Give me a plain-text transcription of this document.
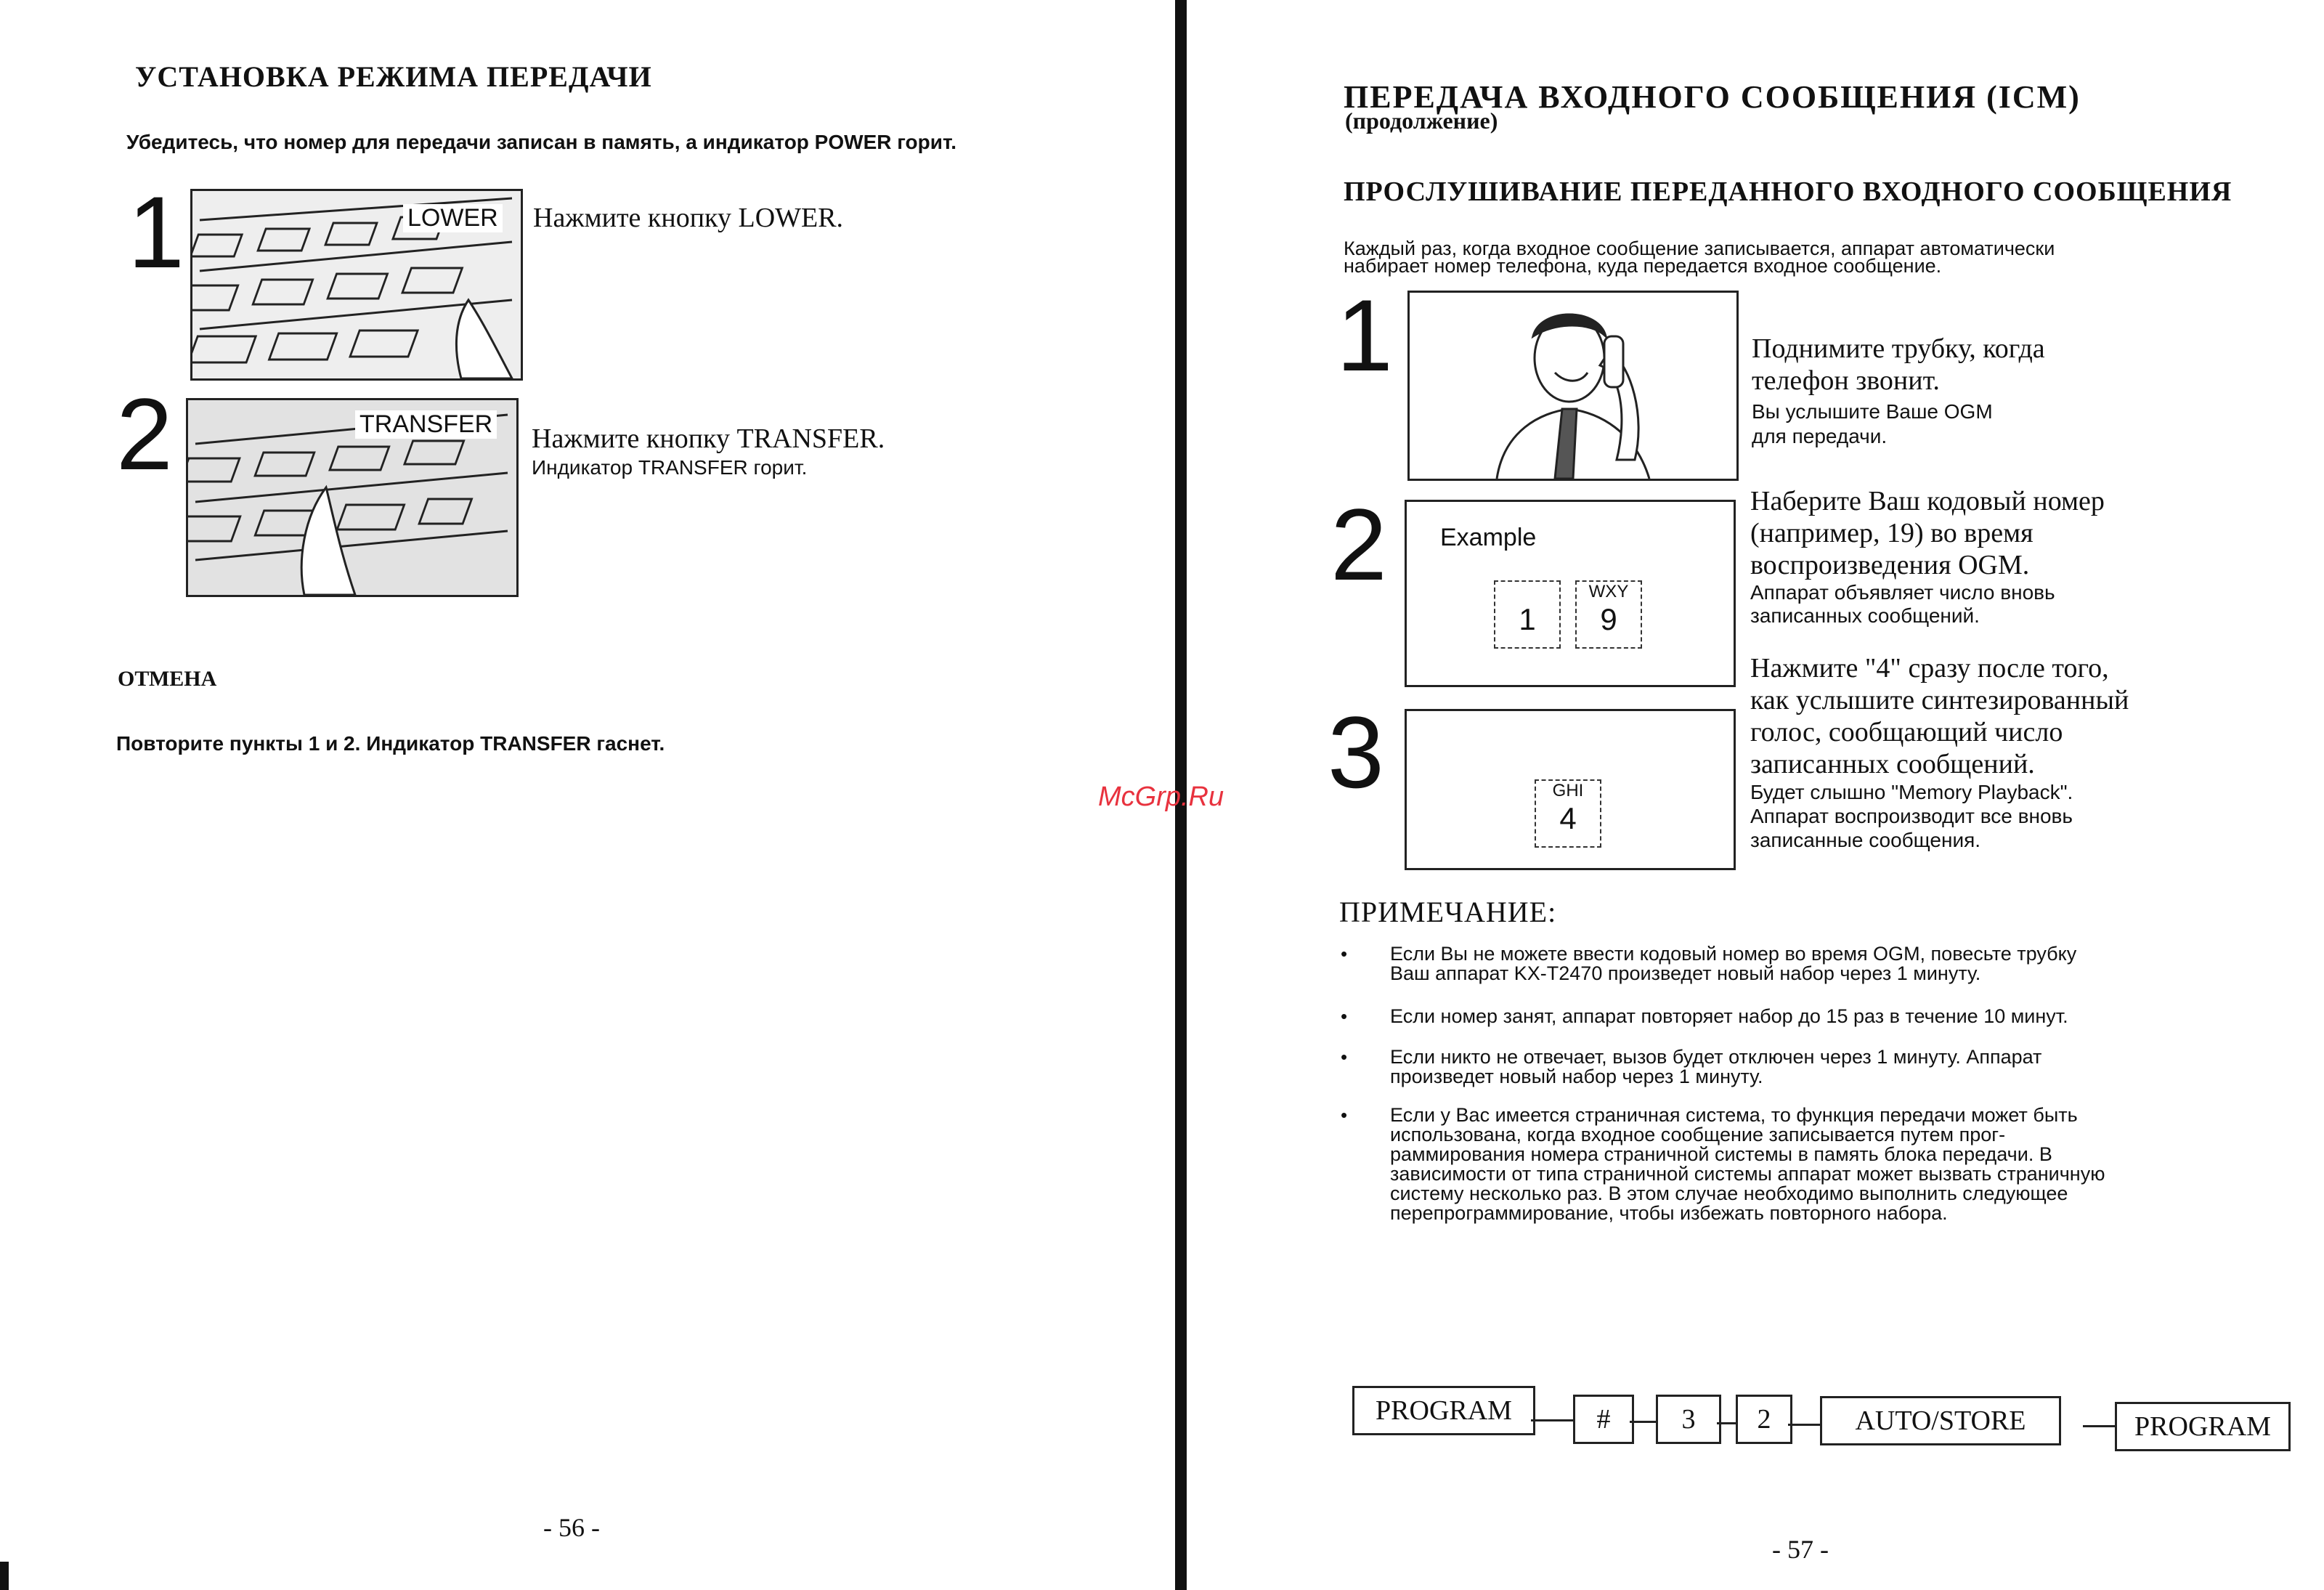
УСТАНОВКА РЕЖИМА ПЕРЕДАЧИ
Убедитесь, что номер для передачи записан в память, а индикатор POWER горит.
1	LOWER Нажмите кнопку LOWER.
2	TRANSFER Нажмите кнопку TRANSFER.
Индикатор TRANSFER горит.
ОТМЕНА
Повторите пункты 1 и 2. Индикатор TRANSFER гаснет.
- 56 -
McGrp.Ru
ПЕРЕДАЧА ВХОДНОГО СООБЩЕНИЯ (ICM)
(продолжение)
ПРОСЛУШИВАНИЕ ПЕРЕДАННОГО ВХОДНОГО СООБЩЕНИЯ
Каждый раз, когда входное сообщение записывается, аппарат автоматически
набирает номер телефона, куда передается входное сообщение.
1	Поднимите трубку, когда
телефон звонит.
Вы услышите Ваше OGM
для передачи.
2 Example
1
WXY
9
Наберите Ваш кодовый номер
(например, 19) во время
воспроизведения OGM.
Аппарат объявляет число вновь
записанных сообщений.
3	GHI
4
Нажмите "4" сразу после того,
как услышите синтезированный
голос, сообщающий число
записанных сообщений.
Будет слышно "Memory Playback".
Аппарат воспроизводит все вновь
записанные сообщения.
ПРИМЕЧАНИЕ:
• Если Вы не можете ввести кодовый номер во время OGM, повесьте трубку
Ваш аппарат KX-T2470 произведет новый набор через 1 минуту.
• Если номер занят, аппарат повторяет набор до 15 раз в течение 10 минут.
• Если никто не отвечает, вызов будет отключен через 1 минуту. Аппарат
произведет новый набор через 1 минуту.
• Если у Вас имеется страничная система, то функция передачи может быть
использована, когда входное сообщение записывается путем прог-
раммирования номера страничной системы в память блока передачи. В
зависимости от типа страничной системы аппарат может вызвать страничную
систему несколько раз. В этом случае необходимо выполнить следующее
перепрограммирование, чтобы избежать повторного набора.
PROGRAM	#	3	2	AUTO/STORE	PROGRAM
- 57 -
